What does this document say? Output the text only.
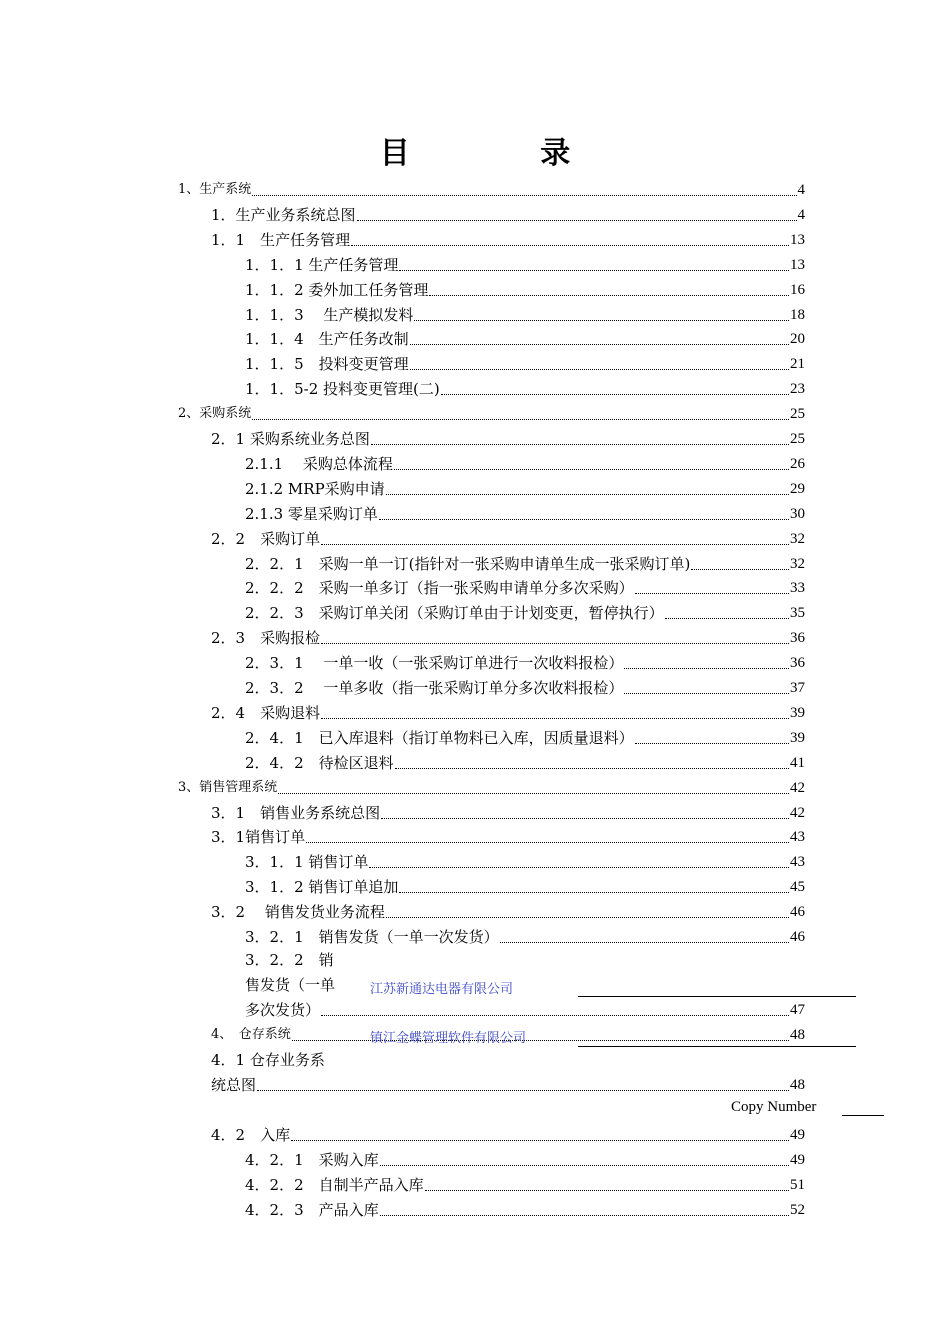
目 录
1、生产系统	4
1．生产业务系统总图	4
1．1　生产任务管理	13
1．1．1 生产任务管理	13
1．1．2 委外加工任务管理	16
1．1．3　 生产模拟发料	18
1．1．4　生产任务改制	20
1．1．5　投料变更管理	21
1．1．5-2 投料变更管理(二)	23
2、采购系统	25
2．1 采购系统业务总图	25
2.1.1　 采购总体流程	26
2.1.2 MRP采购申请	29
2.1.3 零星采购订单	30
2．2　采购订单	32
2．2．1　采购一单一订(指针对一张采购申请单生成一张采购订单)	32
2．2．2　采购一单多订（指一张采购申请单分多次采购）	33
2．2．3　采购订单关闭（采购订单由于计划变更，暂停执行）	35
2．3　采购报检	36
2．3．1　 一单一收（一张采购订单进行一次收料报检）	36
2．3．2　 一单多收（指一张采购订单分多次收料报检）	37
2．4　采购退料	39
2．4．1　已入库退料（指订单物料已入库，因质量退料）	39
2．4．2　待检区退料	41
3、销售管理系统	42
3．1　销售业务系统总图	42
3．1销售订单	43
3．1．1 销售订单	43
3．1．2 销售订单追加	45
3．2　 销售发货业务流程	46
3．2．1　销售发货（一单一次发货）	46
3．2．2　销
售发货（一单
多次发货）	47
4、　仓存系统	48
4．1 仓存业务系
统总图	48
江苏新通达电器有限公司
镇江金蝶管理软件有限公司
Copy Number
4．2　入库	49
4．2．1　采购入库	49
4．2．2　自制半产品入库	51
4．2．3　产品入库	52
